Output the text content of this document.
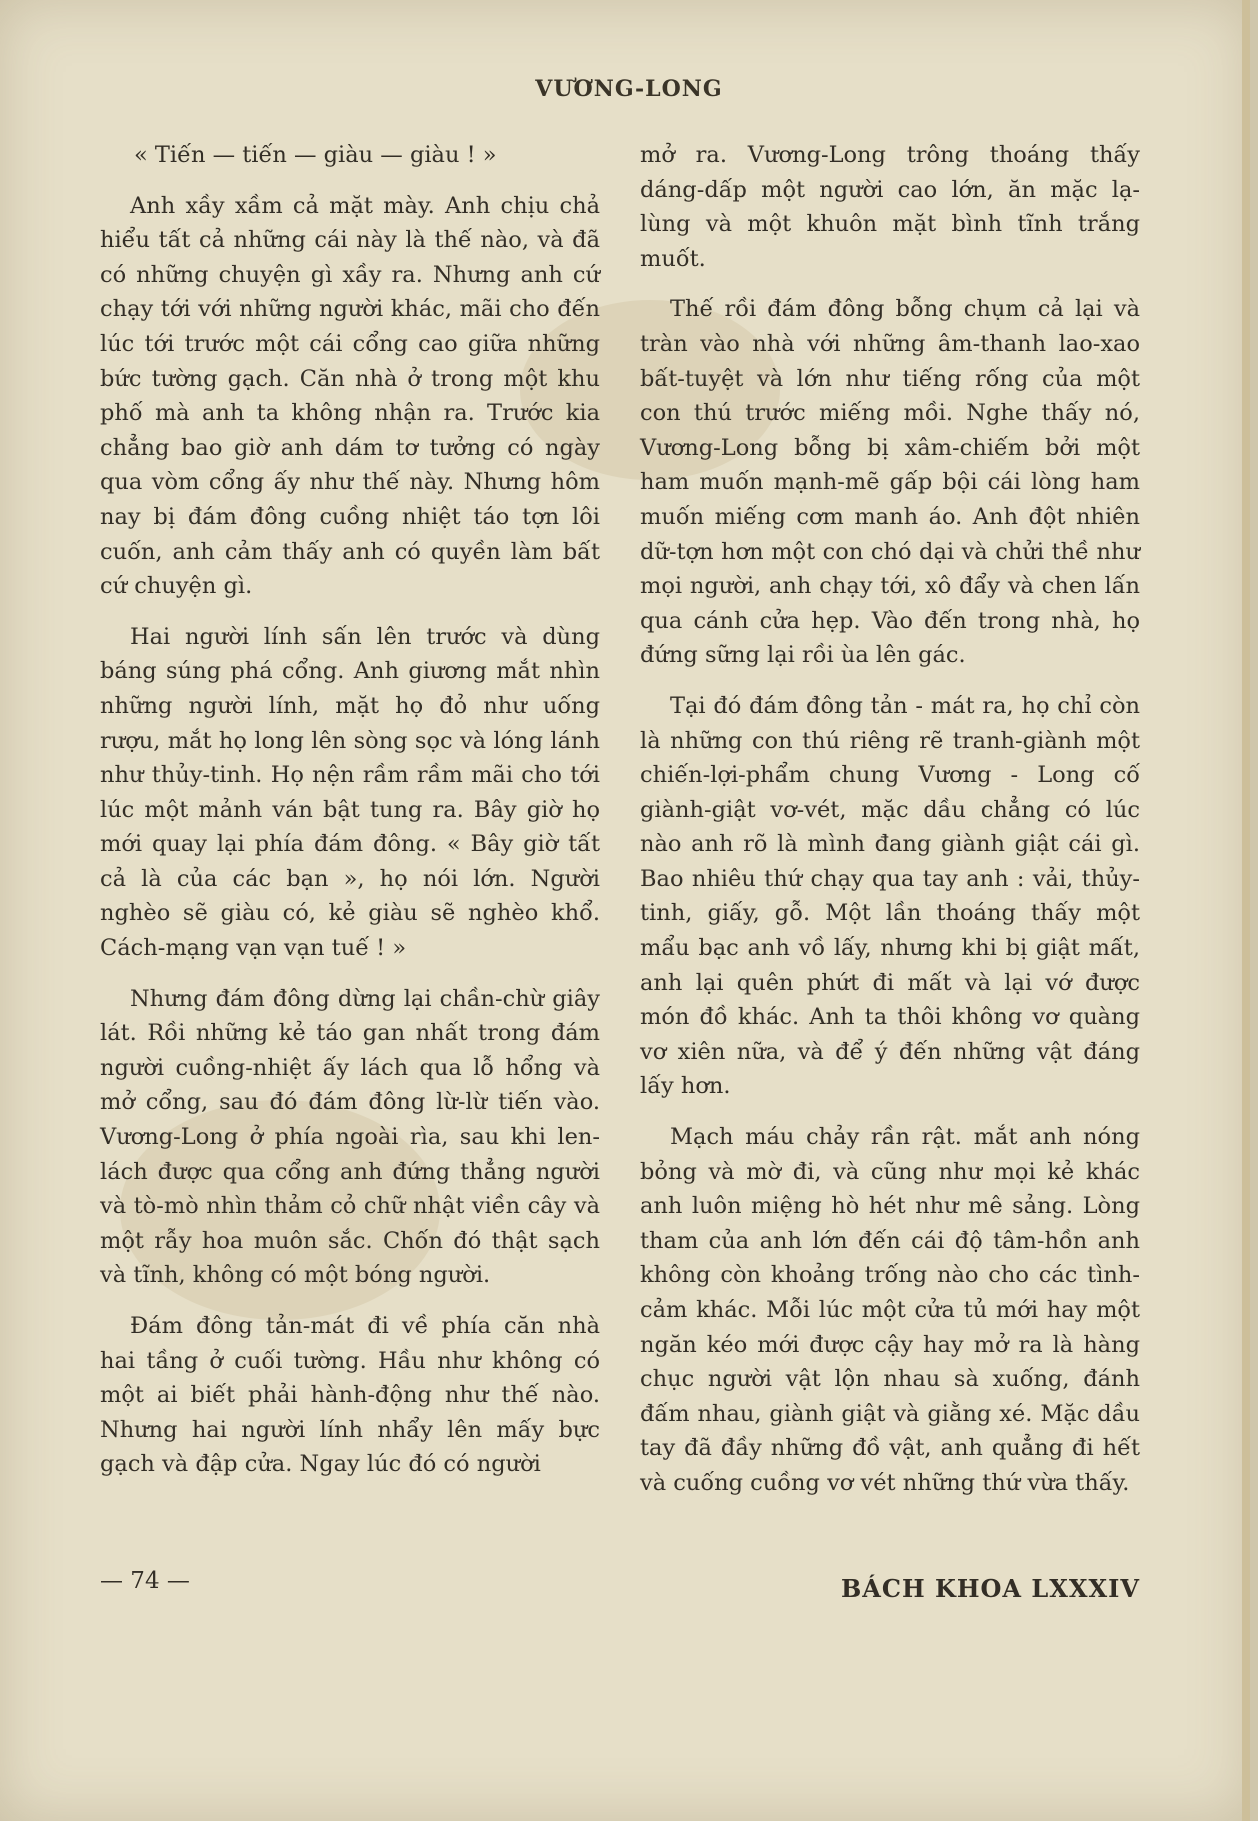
VƯƠNG-LONG

« Tiến — tiến — giàu — giàu ! »

Anh xầy xầm cả mặt mày. Anh chịu chả hiểu tất cả những cái này là thế nào, và đã có những chuyện gì xầy ra. Nhưng anh cứ chạy tới với những người khác, mãi cho đến lúc tới trước một cái cổng cao giữa những bức tường gạch. Căn nhà ở trong một khu phố mà anh ta không nhận ra. Trước kia chẳng bao giờ anh dám tơ tưởng có ngày qua vòm cổng ấy như thế này. Nhưng hôm nay bị đám đông cuồng nhiệt táo tợn lôi cuốn, anh cảm thấy anh có quyền làm bất cứ chuyện gì.

Hai người lính sấn lên trước và dùng báng súng phá cổng. Anh giương mắt nhìn những người lính, mặt họ đỏ như uống rượu, mắt họ long lên sòng sọc và lóng lánh như thủy-tinh. Họ nện rầm rầm mãi cho tới lúc một mảnh ván bật tung ra. Bây giờ họ mới quay lại phía đám đông. « Bây giờ tất cả là của các bạn », họ nói lớn. Người nghèo sẽ giàu có, kẻ giàu sẽ nghèo khổ. Cách-mạng vạn vạn tuế ! »

Nhưng đám đông dừng lại chần-chừ giây lát. Rồi những kẻ táo gan nhất trong đám người cuồng-nhiệt ấy lách qua lỗ hổng và mở cổng, sau đó đám đông lừ-lừ tiến vào. Vương-Long ở phía ngoài rìa, sau khi len-lách được qua cổng anh đứng thẳng người và tò-mò nhìn thảm cỏ chữ nhật viền cây và một rẫy hoa muôn sắc. Chốn đó thật sạch và tĩnh, không có một bóng người.

Đám đông tản-mát đi về phía căn nhà hai tầng ở cuối tường. Hầu như không có một ai biết phải hành-động như thế nào. Nhưng hai người lính nhẩy lên mấy bực gạch và đập cửa. Ngay lúc đó có người

mở ra. Vương-Long trông thoáng thấy dáng-dấp một người cao lớn, ăn mặc lạ-lùng và một khuôn mặt bình tĩnh trắng muốt.

Thế rồi đám đông bỗng chụm cả lại và tràn vào nhà với những âm-thanh lao-xao bất-tuyệt và lớn như tiếng rống của một con thú trước miếng mồi. Nghe thấy nó, Vương-Long bỗng bị xâm-chiếm bởi một ham muốn mạnh-mẽ gấp bội cái lòng ham muốn miếng cơm manh áo. Anh đột nhiên dữ-tợn hơn một con chó dại và chửi thề như mọi người, anh chạy tới, xô đẩy và chen lấn qua cánh cửa hẹp. Vào đến trong nhà, họ đứng sững lại rồi ùa lên gác.

Tại đó đám đông tản - mát ra, họ chỉ còn là những con thú riêng rẽ tranh-giành một chiến-lợi-phẩm chung Vương - Long cố giành-giật vơ-vét, mặc dầu chẳng có lúc nào anh rõ là mình đang giành giật cái gì. Bao nhiêu thứ chạy qua tay anh : vải, thủy-tinh, giấy, gỗ. Một lần thoáng thấy một mẩu bạc anh vồ lấy, nhưng khi bị giật mất, anh lại quên phứt đi mất và lại vớ được món đồ khác. Anh ta thôi không vơ quàng vơ xiên nữa, và để ý đến những vật đáng lấy hơn.

Mạch máu chảy rần rật. mắt anh nóng bỏng và mờ đi, và cũng như mọi kẻ khác anh luôn miệng hò hét như mê sảng. Lòng tham của anh lớn đến cái độ tâm-hồn anh không còn khoảng trống nào cho các tình-cảm khác. Mỗi lúc một cửa tủ mới hay một ngăn kéo mới được cậy hay mở ra là hàng chục người vật lộn nhau sà xuống, đánh đấm nhau, giành giật và giằng xé. Mặc dầu tay đã đầy những đồ vật, anh quẳng đi hết và cuống cuồng vơ vét những thứ vừa thấy.

— 74 —	BÁCH KHOA LXXXIV
